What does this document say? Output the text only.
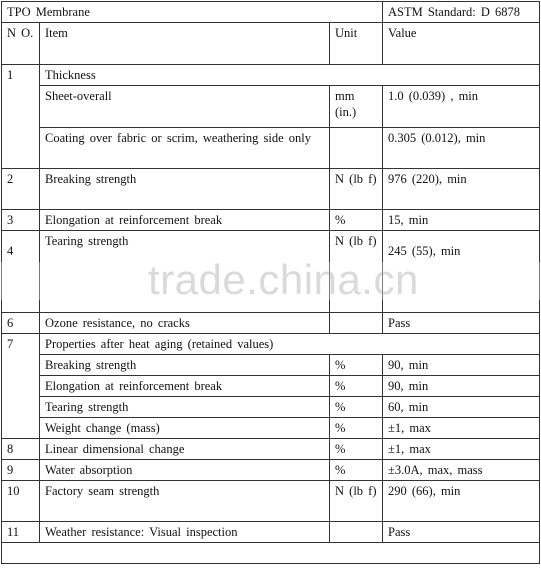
TPO Membrane			ASTM Standard: D 6878
N O.	Item	Unit	Value
1	Thickness		
	Sheet-overall	mm (in.)	1.0 (0.039) , min
	Coating over fabric or scrim, weathering side only		0.305 (0.012), min
2	Breaking strength	N (lb f)	976 (220), min
3	Elongation at reinforcement break	%	15, min
4	Tearing strength	N (lb f)	245 (55), min
6	Ozone resistance, no cracks		Pass
7	Properties after heat aging (retained values)		
	Breaking strength	%	90, min
	Elongation at reinforcement break	%	90, min
	Tearing strength	%	60, min
	Weight change (mass)	%	±1, max
8	Linear dimensional change	%	±1, max
9	Water absorption	%	±3.0A, max, mass
10	Factory seam strength	N (lb f)	290 (66), min
11	Weather resistance: Visual inspection		Pass

trade.china.cn
